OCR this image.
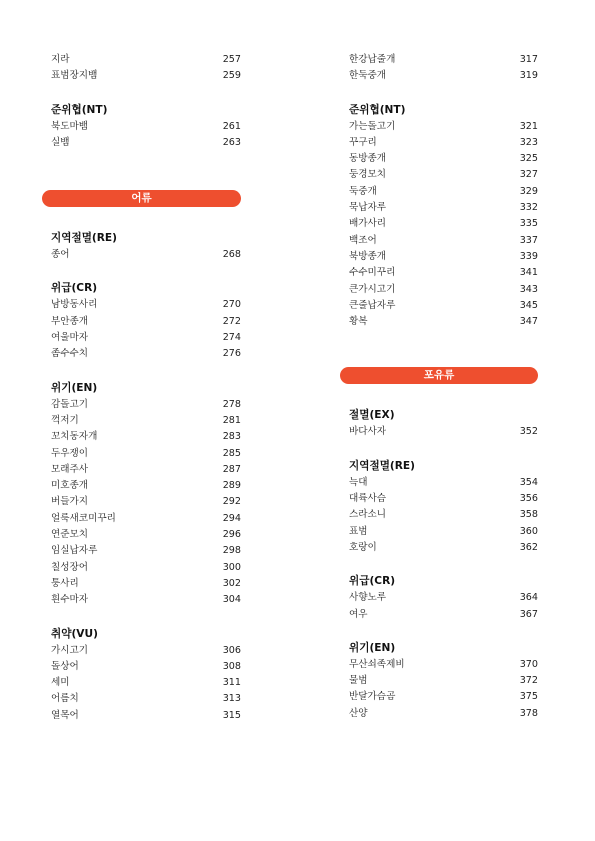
지라	257
표범장지뱀	259
준위협(NT)
북도마뱀	261
실뱀	263
어류
지역절멸(RE)
종어	268
위급(CR)
남방동사리	270
부안종개	272
여울마자	274
좀수수치	276
위기(EN)
감돌고기	278
꺽저기	281
꼬치동자개	283
두우쟁이	285
모래주사	287
미호종개	289
버들가지	292
얼룩새코미꾸리	294
연준모치	296
임실납자루	298
칠성장어	300
퉁사리	302
흰수마자	304
취약(VU)
가시고기	306
돌상어	308
세미	311
어름치	313
열목어	315
한강납줄개	317
한둑중개	319
준위협(NT)
가는돌고기	321
꾸구리	323
동방종개	325
둥경모치	327
둑중개	329
묵납자루	332
배가사리	335
백조어	337
북방종개	339
수수미꾸리	341
큰가시고기	343
큰줄납자루	345
황복	347
포유류
절멸(EX)
바다사자	352
지역절멸(RE)
늑대	354
대륙사슴	356
스라소니	358
표범	360
호랑이	362
위급(CR)
사향노루	364
여우	367
위기(EN)
무산쇠족제비	370
물범	372
반달가슴곰	375
산양	378
